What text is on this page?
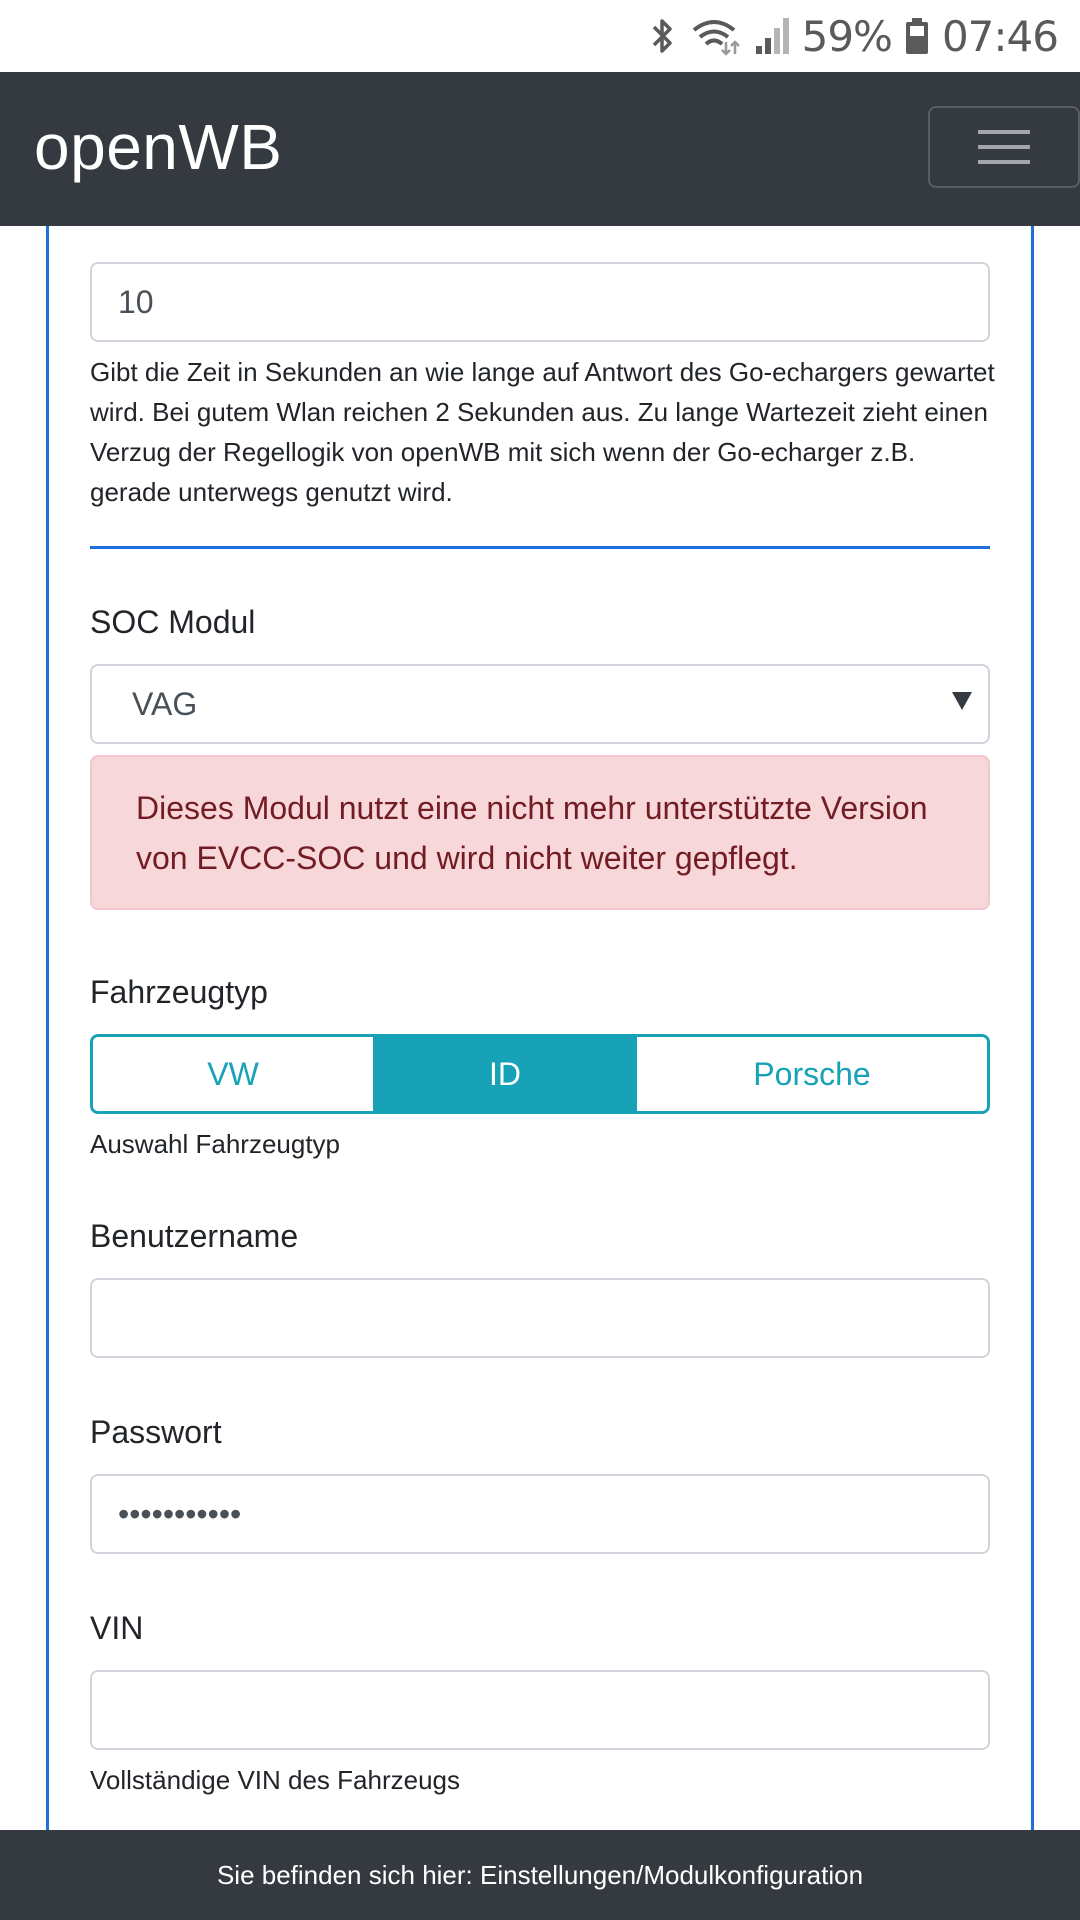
59% 07:46
openWB
10
Gibt die Zeit in Sekunden an wie lange auf Antwort des Go-echargers gewartet wird. Bei gutem Wlan reichen 2 Sekunden aus. Zu lange Wartezeit zieht einen Verzug der Regellogik von openWB mit sich wenn der Go-echarger z.B. gerade unterwegs genutzt wird.
SOC Modul
VAG
Dieses Modul nutzt eine nicht mehr unterstützte Version von EVCC-SOC und wird nicht weiter gepflegt.
Fahrzeugtyp
VW	ID	Porsche
Auswahl Fahrzeugtyp
Benutzername
Passwort
•••••••••••
VIN
Vollständige VIN des Fahrzeugs
Sie befinden sich hier: Einstellungen/Modulkonfiguration
